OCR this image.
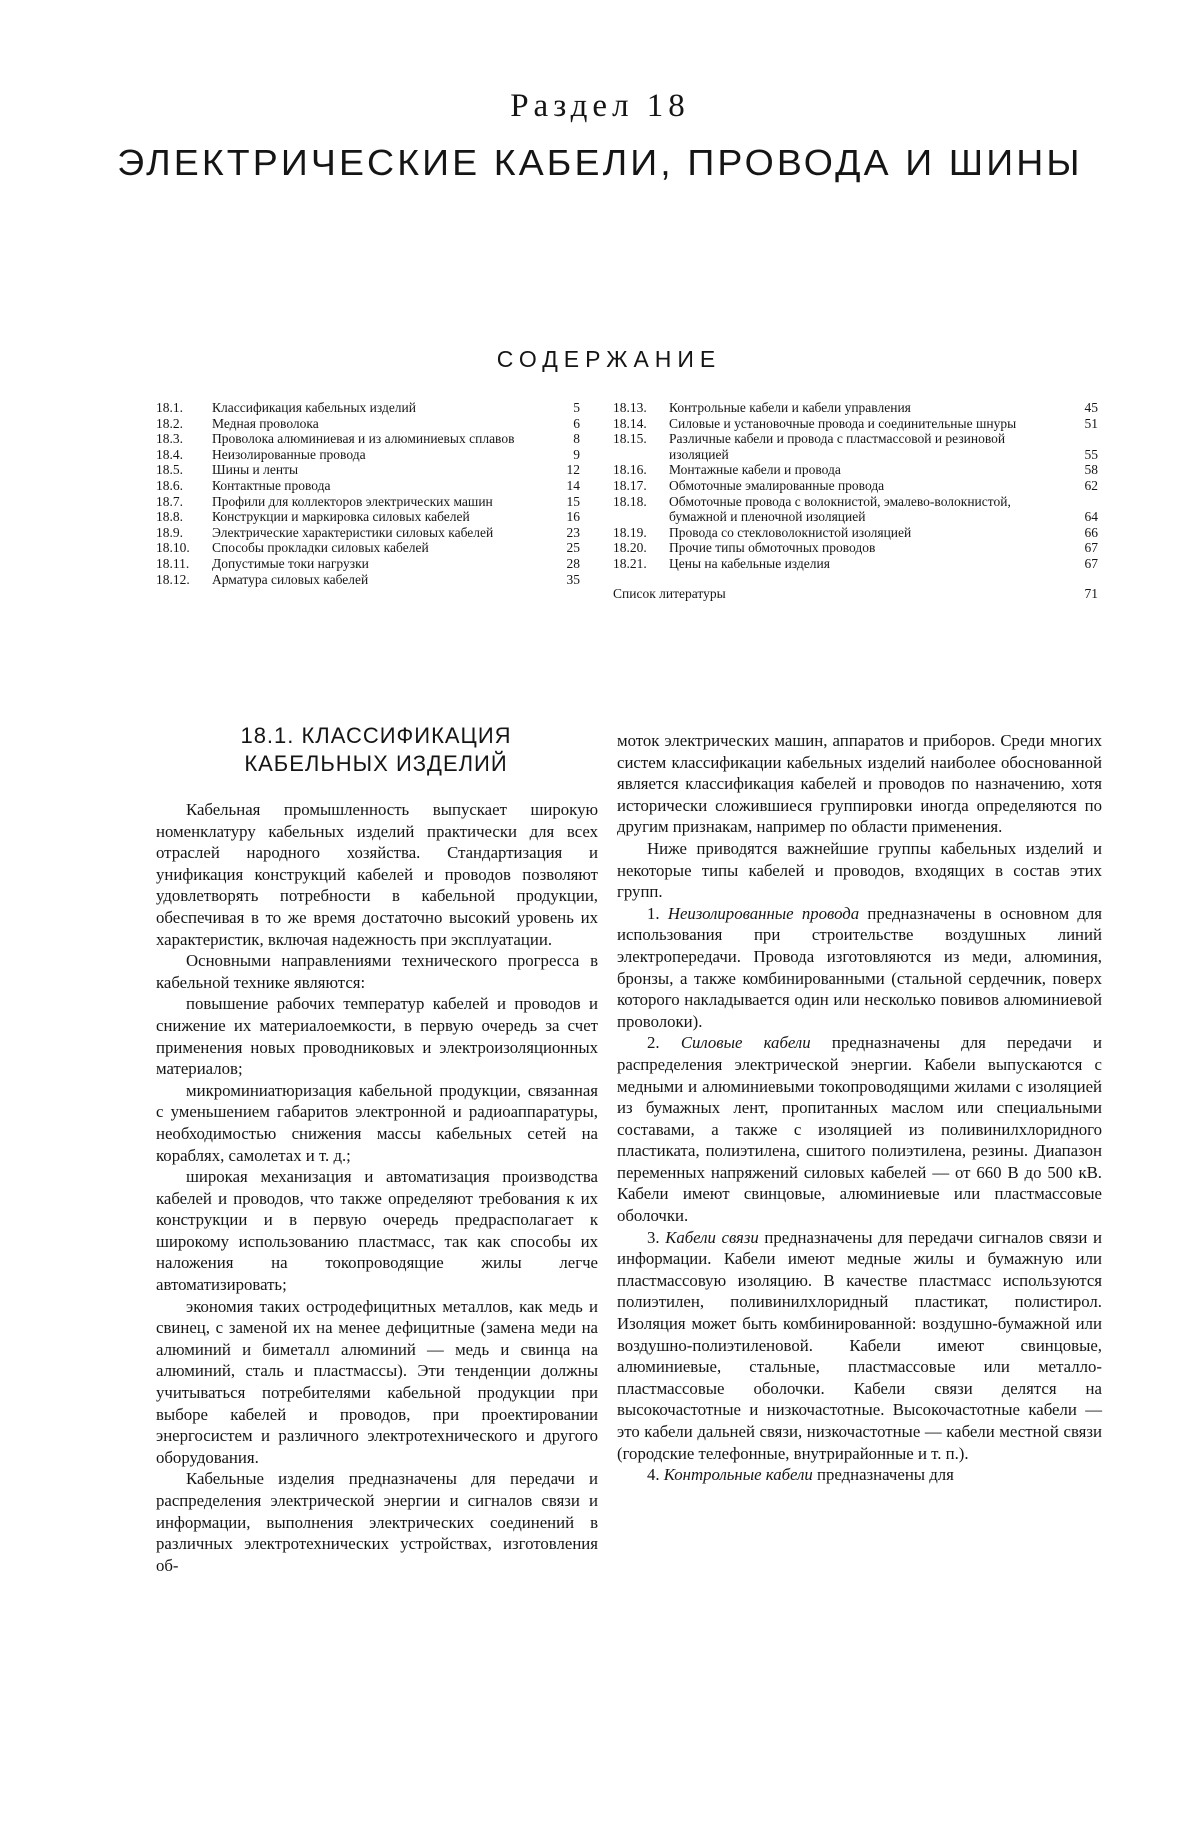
Раздел 18
ЭЛЕКТРИЧЕСКИЕ КАБЕЛИ, ПРОВОДА И ШИНЫ
СОДЕРЖАНИЕ
18.1.	Классификация кабельных изделий	5
18.2.	Медная проволока	6
18.3.	Проволока алюминиевая и из алюминиевых сплавов	8
18.4.	Неизолированные провода	9
18.5.	Шины и ленты	12
18.6.	Контактные провода	14
18.7.	Профили для коллекторов электрических машин	15
18.8.	Конструкции и маркировка силовых кабелей	16
18.9.	Электрические характеристики силовых кабелей	23
18.10.	Способы прокладки силовых кабелей	25
18.11.	Допустимые токи нагрузки	28
18.12.	Арматура силовых кабелей	35
18.13.	Контрольные кабели и кабели управления	45
18.14.	Силовые и установочные провода и соединительные шнуры	51
18.15.	Различные кабели и провода с пластмассовой и резиновой изоляцией	55
18.16.	Монтажные кабели и провода	58
18.17.	Обмоточные эмалированные провода	62
18.18.	Обмоточные провода с волокнистой, эмалево-волокнистой, бумажной и пленочной изоляцией	64
18.19.	Провода со стекловолокнистой изоляцией	66
18.20.	Прочие типы обмоточных проводов	67
18.21.	Цены на кабельные изделия	67
Список литературы	71
18.1. КЛАССИФИКАЦИЯ
КАБЕЛЬНЫХ ИЗДЕЛИЙ

Кабельная промышленность выпускает широкую номенклатуру кабельных изделий практически для всех отраслей народного хозяйства. Стандартизация и унификация конструкций кабелей и проводов позволяют удовлетворять потребности в кабельной продукции, обеспечивая в то же время достаточно высокий уровень их характеристик, включая надежность при эксплуатации.

Основными направлениями технического прогресса в кабельной технике являются:

повышение рабочих температур кабелей и проводов и снижение их материалоемкости, в первую очередь за счет применения новых проводниковых и электроизоляционных материалов;

микроминиатюризация кабельной продукции, связанная с уменьшением габаритов электронной и радиоаппаратуры, необходимостью снижения массы кабельных сетей на кораблях, самолетах и т. д.;

широкая механизация и автоматизация производства кабелей и проводов, что также определяют требования к их конструкции и в первую очередь предрасполагает к широкому использованию пластмасс, так как способы их наложения на токопроводящие жилы легче автоматизировать;

экономия таких остродефицитных металлов, как медь и свинец, с заменой их на менее дефицитные (замена меди на алюминий и биметалл алюминий — медь и свинца на алюминий, сталь и пластмассы). Эти тенденции должны учитываться потребителями кабельной продукции при выборе кабелей и проводов, при проектировании энергосистем и различного электротехнического и другого оборудования.

Кабельные изделия предназначены для передачи и распределения электрической энергии и сигналов связи и информации, выполнения электрических соединений в различных электротехнических устройствах, изготовления об-

моток электрических машин, аппаратов и приборов. Среди многих систем классификации кабельных изделий наиболее обоснованной является классификация кабелей и проводов по назначению, хотя исторически сложившиеся группировки иногда определяются по другим признакам, например по области применения.

Ниже приводятся важнейшие группы кабельных изделий и некоторые типы кабелей и проводов, входящих в состав этих групп.

1. Неизолированные провода предназначены в основном для использования при строительстве воздушных линий электропередачи. Провода изготовляются из меди, алюминия, бронзы, а также комбинированными (стальной сердечник, поверх которого накладывается один или несколько повивов алюминиевой проволоки).

2. Силовые кабели предназначены для передачи и распределения электрической энергии. Кабели выпускаются с медными и алюминиевыми токопроводящими жилами с изоляцией из бумажных лент, пропитанных маслом или специальными составами, а также с изоляцией из поливинилхлоридного пластиката, полиэтилена, сшитого полиэтилена, резины. Диапазон переменных напряжений силовых кабелей — от 660 В до 500 кВ. Кабели имеют свинцовые, алюминиевые или пластмассовые оболочки.

3. Кабели связи предназначены для передачи сигналов связи и информации. Кабели имеют медные жилы и бумажную или пластмассовую изоляцию. В качестве пластмасс используются полиэтилен, поливинилхлоридный пластикат, полистирол. Изоляция может быть комбинированной: воздушно-бумажной или воздушно-полиэтиленовой. Кабели имеют свинцовые, алюминиевые, стальные, пластмассовые или металло-пластмассовые оболочки. Кабели связи делятся на высокочастотные и низкочастотные. Высокочастотные кабели — это кабели дальней связи, низкочастотные — кабели местной связи (городские телефонные, внутрирайонные и т. п.).

4. Контрольные кабели предназначены для
